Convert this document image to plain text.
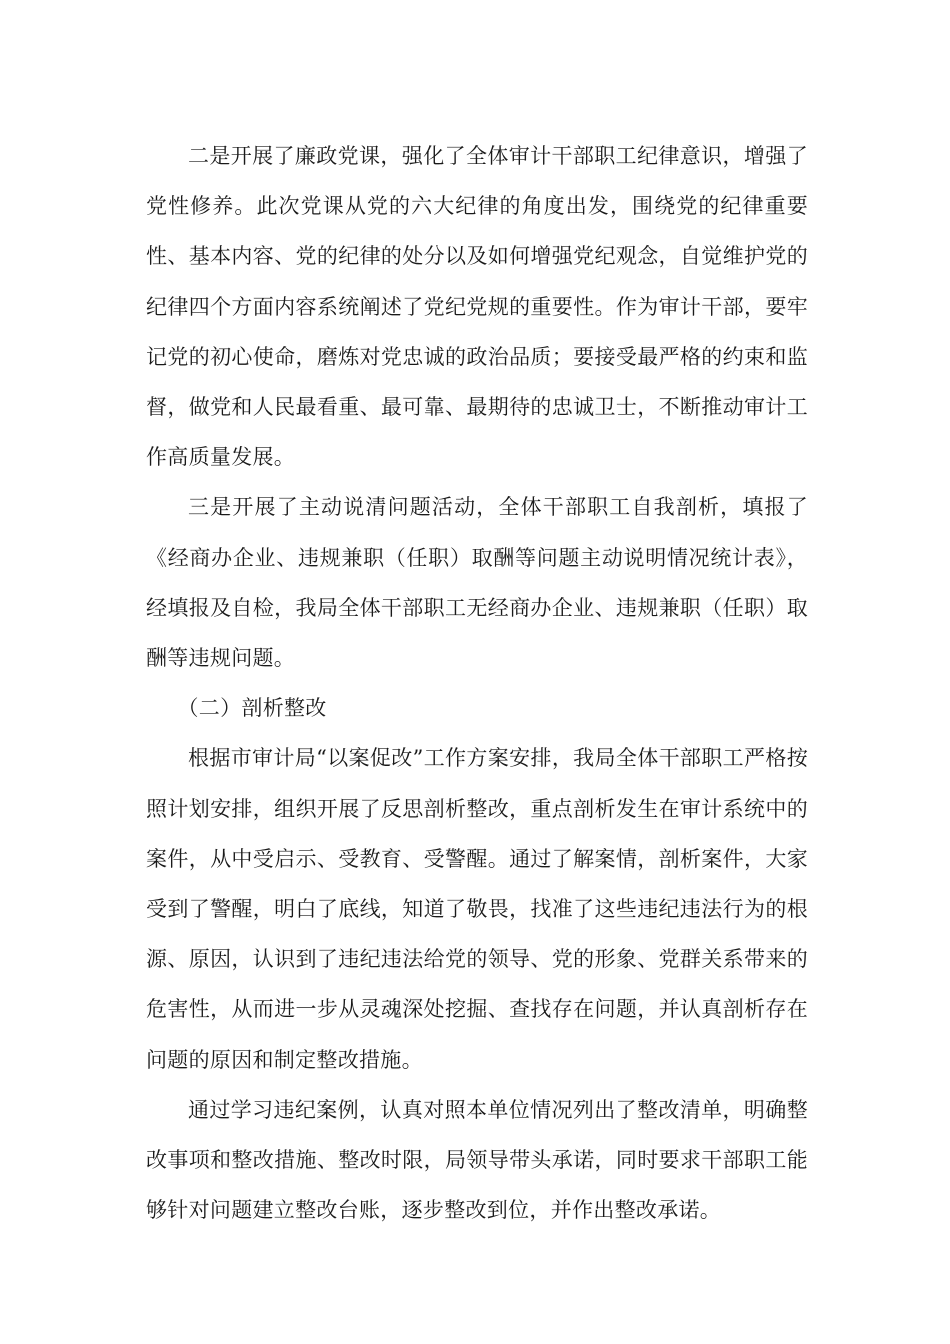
二是开展了廉政党课，强化了全体审计干部职工纪律意识，增强了党性修养。此次党课从党的六大纪律的角度出发，围绕党的纪律重要性、基本内容、党的纪律的处分以及如何增强党纪观念，自觉维护党的纪律四个方面内容系统阐述了党纪党规的重要性。作为审计干部，要牢记党的初心使命，磨炼对党忠诚的政治品质；要接受最严格的约束和监督，做党和人民最看重、最可靠、最期待的忠诚卫士，不断推动审计工作高质量发展。

三是开展了主动说清问题活动，全体干部职工自我剖析，填报了《经商办企业、违规兼职（任职）取酬等问题主动说明情况统计表》，经填报及自检，我局全体干部职工无经商办企业、违规兼职（任职）取酬等违规问题。

（二）剖析整改

根据市审计局“以案促改”工作方案安排，我局全体干部职工严格按照计划安排，组织开展了反思剖析整改，重点剖析发生在审计系统中的案件，从中受启示、受教育、受警醒。通过了解案情，剖析案件，大家受到了警醒，明白了底线，知道了敬畏，找准了这些违纪违法行为的根源、原因，认识到了违纪违法给党的领导、党的形象、党群关系带来的危害性，从而进一步从灵魂深处挖掘、查找存在问题，并认真剖析存在问题的原因和制定整改措施。

通过学习违纪案例，认真对照本单位情况列出了整改清单，明确整改事项和整改措施、整改时限，局领导带头承诺，同时要求干部职工能够针对问题建立整改台账，逐步整改到位，并作出整改承诺。
